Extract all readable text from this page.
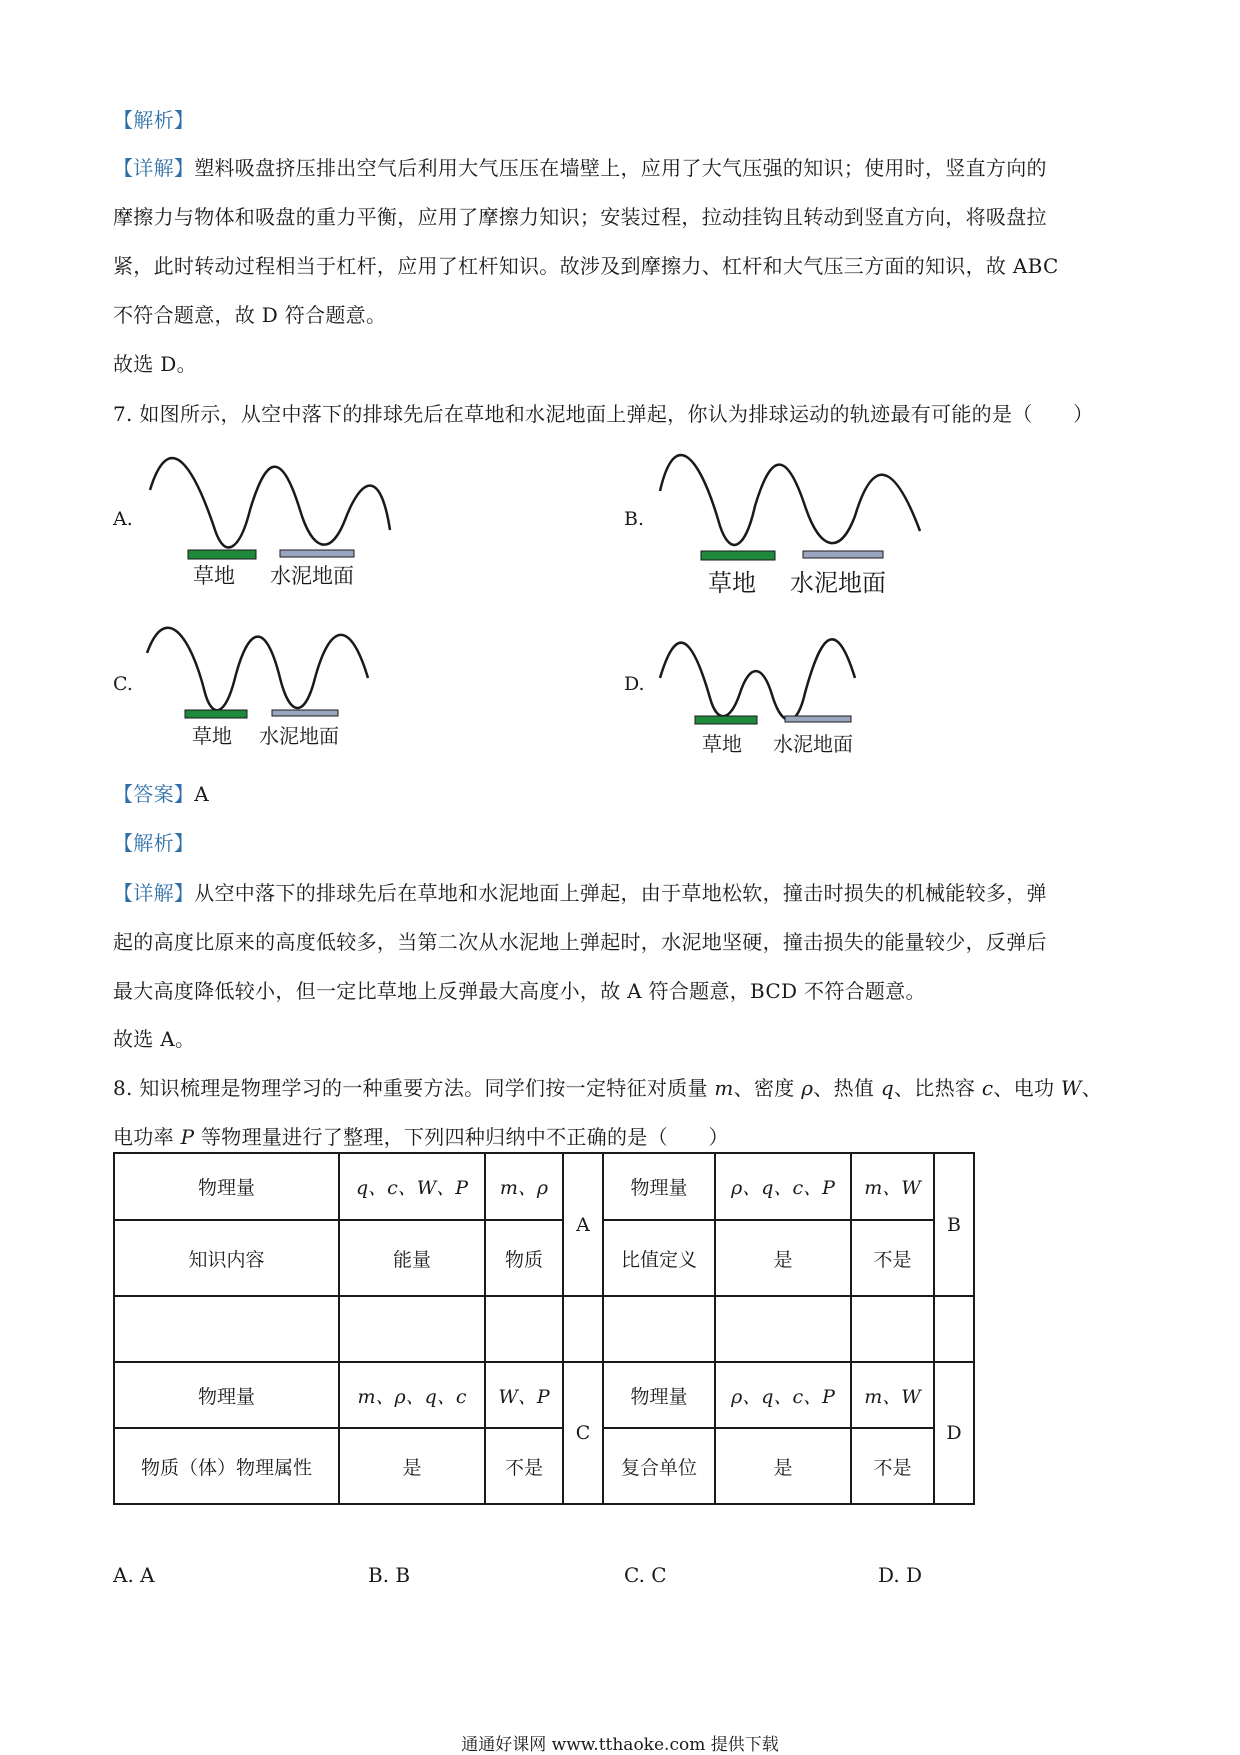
【解析】
【详解】塑料吸盘挤压排出空气后利用大气压压在墙壁上，应用了大气压强的知识；使用时，竖直方向的
摩擦力与物体和吸盘的重力平衡，应用了摩擦力知识；安装过程，拉动挂钩且转动到竖直方向，将吸盘拉
紧，此时转动过程相当于杠杆，应用了杠杆知识。故涉及到摩擦力、杠杆和大气压三方面的知识，故 ABC
不符合题意，故 D 符合题意。
故选 D。
7. 如图所示，从空中落下的排球先后在草地和水泥地面上弹起，你认为排球运动的轨迹最有可能的是（　　）
A.
草地 水泥地面
B.
草地 水泥地面
C.
草地 水泥地面
D.
草地 水泥地面
【答案】A
【解析】
【详解】从空中落下的排球先后在草地和水泥地面上弹起，由于草地松软，撞击时损失的机械能较多，弹
起的高度比原来的高度低较多，当第二次从水泥地上弹起时，水泥地坚硬，撞击损失的能量较少，反弹后
最大高度降低较小，但一定比草地上反弹最大高度小，故 A 符合题意，BCD 不符合题意。
故选 A。
8. 知识梳理是物理学习的一种重要方法。同学们按一定特征对质量 m、密度 ρ、热值 q、比热容 c、电功 W、
电功率 P 等物理量进行了整理，下列四种归纳中不正确的是（　　）
物理量	q、c、W、P	m、ρ	A	物理量	ρ、q、c、P	m、W	B
知识内容	能量	物质		比值定义	是	不是	

物理量	m、ρ、q、c	W、P	C	物理量	ρ、q、c、P	m、W	D
物质（体）物理属性	是	不是		复合单位	是	不是	
A. A	B. B	C. C	D. D
通通好课网 www.tthaoke.com 提供下载
